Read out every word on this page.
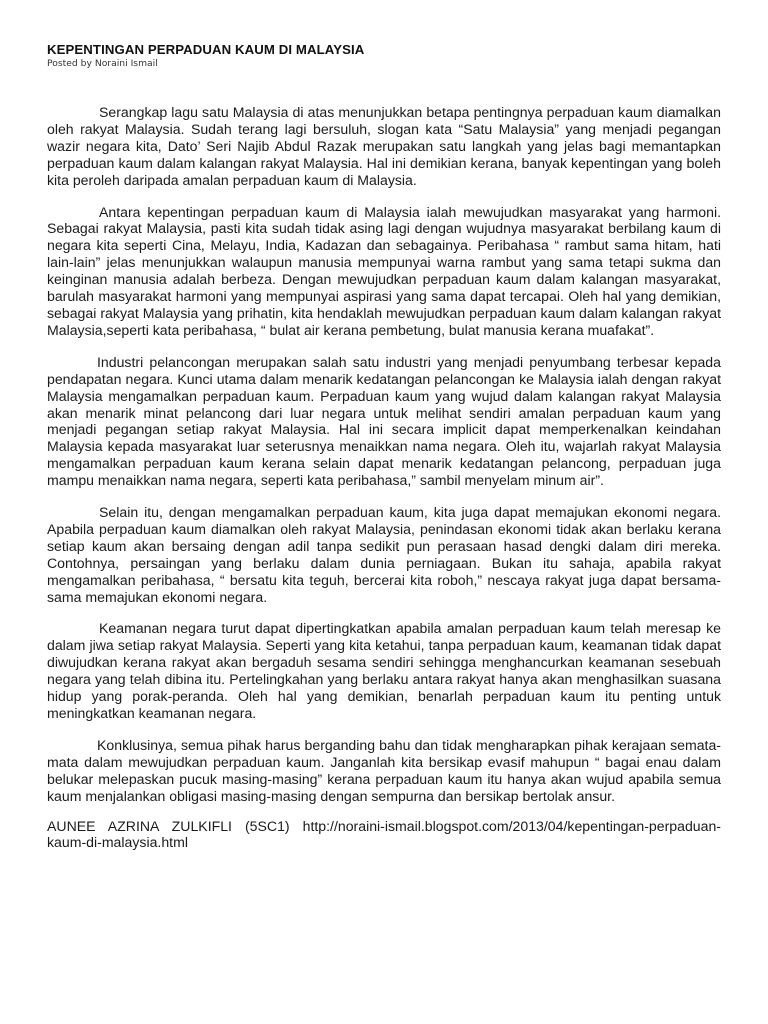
KEPENTINGAN PERPADUAN KAUM DI MALAYSIA
Posted by Noraini Ismail

Serangkap lagu satu Malaysia di atas menunjukkan betapa pentingnya perpaduan kaum diamalkan oleh rakyat Malaysia. Sudah terang lagi bersuluh, slogan kata “Satu Malaysia” yang menjadi pegangan wazir negara kita, Dato’ Seri Najib Abdul Razak merupakan satu langkah yang jelas bagi memantapkan perpaduan kaum dalam kalangan rakyat Malaysia. Hal ini demikian kerana, banyak kepentingan yang boleh kita peroleh daripada amalan perpaduan kaum di Malaysia.

Antara kepentingan perpaduan kaum di Malaysia ialah mewujudkan masyarakat yang harmoni. Sebagai rakyat Malaysia, pasti kita sudah tidak asing lagi dengan wujudnya masyarakat berbilang kaum di negara kita seperti Cina, Melayu, India, Kadazan dan sebagainya. Peribahasa “ rambut sama hitam, hati lain-lain” jelas menunjukkan walaupun manusia mempunyai warna rambut yang sama tetapi sukma dan keinginan manusia adalah berbeza. Dengan mewujudkan perpaduan kaum dalam kalangan masyarakat, barulah masyarakat harmoni yang mempunyai aspirasi yang sama dapat tercapai. Oleh hal yang demikian, sebagai rakyat Malaysia yang prihatin, kita hendaklah mewujudkan perpaduan kaum dalam kalangan rakyat Malaysia,seperti kata peribahasa, “ bulat air kerana pembetung, bulat manusia kerana muafakat”.

Industri pelancongan merupakan salah satu industri yang menjadi penyumbang terbesar kepada pendapatan negara. Kunci utama dalam menarik kedatangan pelancongan ke Malaysia ialah dengan rakyat Malaysia mengamalkan perpaduan kaum. Perpaduan kaum yang wujud dalam kalangan rakyat Malaysia akan menarik minat pelancong dari luar negara untuk melihat sendiri amalan perpaduan kaum yang menjadi pegangan setiap rakyat Malaysia. Hal ini secara implicit dapat memperkenalkan keindahan Malaysia kepada masyarakat luar seterusnya menaikkan nama negara. Oleh itu, wajarlah rakyat Malaysia mengamalkan perpaduan kaum kerana selain dapat menarik kedatangan pelancong, perpaduan juga mampu menaikkan nama negara, seperti kata peribahasa,” sambil menyelam minum air”.

Selain itu, dengan mengamalkan perpaduan kaum, kita juga dapat memajukan ekonomi negara. Apabila perpaduan kaum diamalkan oleh rakyat Malaysia, penindasan ekonomi tidak akan berlaku kerana setiap kaum akan bersaing dengan adil tanpa sedikit pun perasaan hasad dengki dalam diri mereka. Contohnya, persaingan yang berlaku dalam dunia perniagaan. Bukan itu sahaja, apabila rakyat mengamalkan peribahasa, “ bersatu kita teguh, bercerai kita roboh,” nescaya rakyat juga dapat bersama-sama memajukan ekonomi negara.

Keamanan negara turut dapat dipertingkatkan apabila amalan perpaduan kaum telah meresap ke dalam jiwa setiap rakyat Malaysia. Seperti yang kita ketahui, tanpa perpaduan kaum, keamanan tidak dapat diwujudkan kerana rakyat akan bergaduh sesama sendiri sehingga menghancurkan keamanan sesebuah negara yang telah dibina itu. Pertelingkahan yang berlaku antara rakyat hanya akan menghasilkan suasana hidup yang porak-peranda. Oleh hal yang demikian, benarlah perpaduan kaum itu penting untuk meningkatkan keamanan negara.

Konklusinya, semua pihak harus berganding bahu dan tidak mengharapkan pihak kerajaan semata-mata dalam mewujudkan perpaduan kaum. Janganlah kita bersikap evasif mahupun “ bagai enau dalam belukar melepaskan pucuk masing-masing” kerana perpaduan kaum itu hanya akan wujud apabila semua kaum menjalankan obligasi masing-masing dengan sempurna dan bersikap bertolak ansur.

AUNEE AZRINA ZULKIFLI (5SC1) http://noraini-ismail.blogspot.com/2013/04/kepentingan-perpaduan-kaum-di-malaysia.html
